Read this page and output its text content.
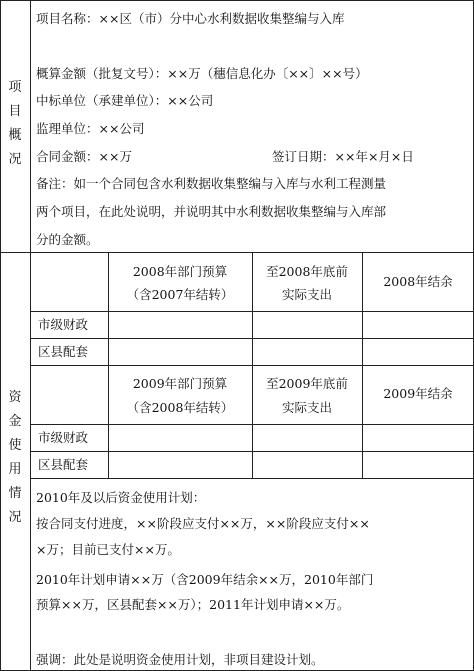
项
目
概
况
项目名称：××区（市）分中心水利数据收集整编与入库
概算金额（批复文号）：××万（穗信息化办〔××〕××号）
中标单位（承建单位）：××公司
监理单位：××公司
合同金额：××万	签订日期：××年×月×日
备注：如一个合同包含水利数据收集整编与入库与水利工程测量
两个项目，在此处说明，并说明其中水利数据收集整编与入库部
分的金额。
资
金
使
用
情
况
2008年部门预算
（含2007年结转）
至2008年底前
实际支出
2008年结余
市级财政
区县配套
2009年部门预算
（含2008年结转）
至2009年底前
实际支出
2009年结余
市级财政
区县配套
2010年及以后资金使用计划：
按合同支付进度，××阶段应支付××万，××阶段应支付××
×万；目前已支付××万。
2010年计划申请××万（含2009年结余××万，2010年部门
预算××万，区县配套××万）；2011年计划申请××万。
强调：此处是说明资金使用计划，非项目建设计划。
